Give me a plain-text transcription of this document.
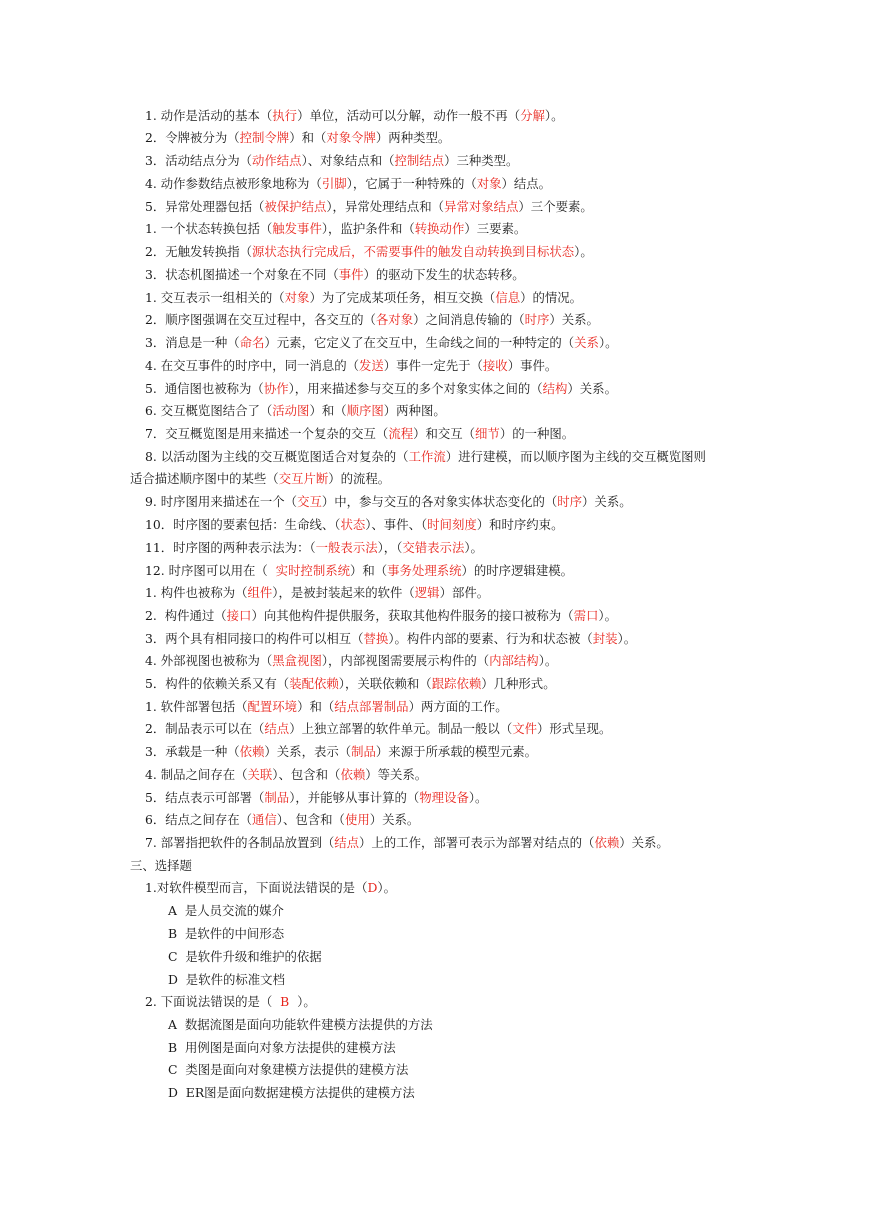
1. 动作是活动的基本（执行）单位，活动可以分解，动作一般不再（分解）。
2．令牌被分为（控制令牌）和（对象令牌）两种类型。
3．活动结点分为（动作结点）、对象结点和（控制结点）三种类型。
4. 动作参数结点被形象地称为（引脚），它属于一种特殊的（对象）结点。
5．异常处理器包括（被保护结点），异常处理结点和（异常对象结点）三个要素。
1. 一个状态转换包括（触发事件），监护条件和（转换动作）三要素。
2．无触发转换指（源状态执行完成后，不需要事件的触发自动转换到目标状态）。
3．状态机图描述一个对象在不同（事件）的驱动下发生的状态转移。
1. 交互表示一组相关的（对象）为了完成某项任务，相互交换（信息）的情况。
2．顺序图强调在交互过程中，各交互的（各对象）之间消息传输的（时序）关系。
3．消息是一种（命名）元素，它定义了在交互中，生命线之间的一种特定的（关系）。
4. 在交互事件的时序中，同一消息的（发送）事件一定先于（接收）事件。
5.  通信图也被称为（协作），用来描述参与交互的多个对象实体之间的（结构）关系。
6. 交互概览图结合了（活动图）和（顺序图）两种图。
7．交互概览图是用来描述一个复杂的交互（流程）和交互（细节）的一种图。
8. 以活动图为主线的交互概览图适合对复杂的（工作流）进行建模，而以顺序图为主线的交互概览图则
适合描述顺序图中的某些（交互片断）的流程。
9. 时序图用来描述在一个（交互）中，参与交互的各对象实体状态变化的（时序）关系。
10．时序图的要素包括：生命线、（状态）、事件、（时间刻度）和时序约束。
11．时序图的两种表示法为：（一般表示法），（交错表示法）。
12. 时序图可以用在（  实时控制系统）和（事务处理系统）的时序逻辑建模。
1. 构件也被称为（组件），是被封装起来的软件（逻辑）部件。
2.  构件通过（接口）向其他构件提供服务，获取其他构件服务的接口被称为（需口）。
3．两个具有相同接口的构件可以相互（替换）。构件内部的要素、行为和状态被（封装）。
4. 外部视图也被称为（黑盒视图），内部视图需要展示构件的（内部结构）。
5．构件的依赖关系又有（装配依赖），关联依赖和（跟踪依赖）几种形式。
1. 软件部署包括（配置环境）和（结点部署制品）两方面的工作。
2．制品表示可以在（结点）上独立部署的软件单元。制品一般以（文件）形式呈现。
3．承载是一种（依赖）关系，表示（制品）来源于所承载的模型元素。
4. 制品之间存在（关联）、包含和（依赖）等关系。
5．结点表示可部署（制品），并能够从事计算的（物理设备）。
6．结点之间存在（通信）、包含和（使用）关系。
7. 部署指把软件的各制品放置到（结点）上的工作，部署可表示为部署对结点的（依赖）关系。
三、选择题
1.对软件模型而言，下面说法错误的是（D）。
A  是人员交流的媒介
B  是软件的中间形态
C  是软件升级和维护的依据
D  是软件的标准文档
2. 下面说法错误的是（  B  ）。
A  数据流图是面向功能软件建模方法提供的方法
B  用例图是面向对象方法提供的建模方法
C  类图是面向对象建模方法提供的建模方法
D  ER图是面向数据建模方法提供的建模方法
